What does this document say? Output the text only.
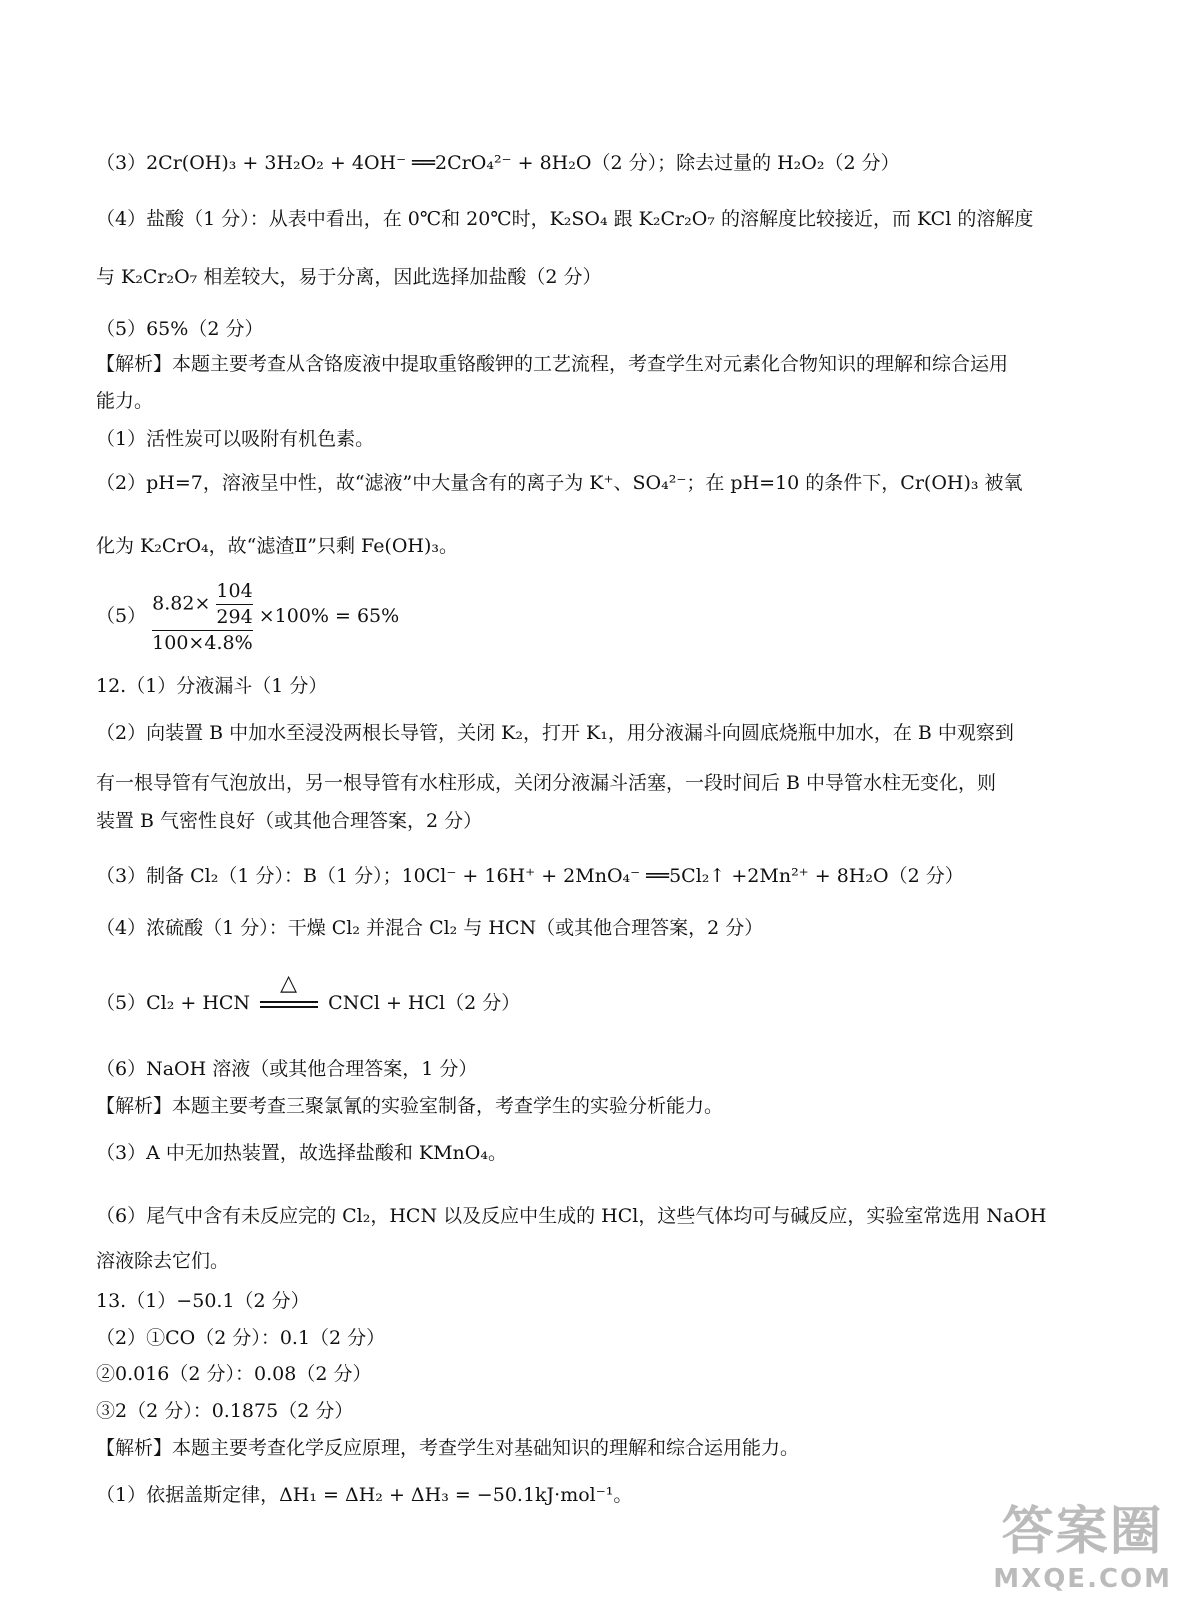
（3）2Cr(OH)₃ + 3H₂O₂ + 4OH⁻ ══2CrO₄²⁻ + 8H₂O（2 分）；除去过量的 H₂O₂（2 分）
（4）盐酸（1 分）：从表中看出，在 0℃和 20℃时，K₂SO₄ 跟 K₂Cr₂O₇ 的溶解度比较接近，而 KCl 的溶解度
与 K₂Cr₂O₇ 相差较大，易于分离，因此选择加盐酸（2 分）
（5）65%（2 分）
【解析】本题主要考查从含铬废液中提取重铬酸钾的工艺流程，考查学生对元素化合物知识的理解和综合运用
能力。
（1）活性炭可以吸附有机色素。
（2）pH=7，溶液呈中性，故“滤液”中大量含有的离子为 K⁺、SO₄²⁻；在 pH=10 的条件下，Cr(OH)₃ 被氧
化为 K₂CrO₄，故“滤渣Ⅱ”只剩 Fe(OH)₃。
$(5) \frac{8.82\times \frac{104}{294}}{100\times 4.8\%} \times 100\% = 65\%$
12.（1）分液漏斗（1 分）
（2）向装置 B 中加水至浸没两根长导管，关闭 K₂，打开 K₁，用分液漏斗向圆底烧瓶中加水，在 B 中观察到
有一根导管有气泡放出，另一根导管有水柱形成，关闭分液漏斗活塞，一段时间后 B 中导管水柱无变化，则
装置 B 气密性良好（或其他合理答案，2 分）
（3）制备 Cl₂（1 分）：B（1 分）；10Cl⁻ + 16H⁺ + 2MnO₄⁻ ══5Cl₂↑ +2Mn²⁺ + 8H₂O（2 分）
（4）浓硫酸（1 分）：干燥 Cl₂ 并混合 Cl₂ 与 HCN（或其他合理答案，2 分）
（5）Cl₂ + HCN
△
CNCl + HCl（2 分）
（6）NaOH 溶液（或其他合理答案，1 分）
【解析】本题主要考查三聚氯氰的实验室制备，考查学生的实验分析能力。
（3）A 中无加热装置，故选择盐酸和 KMnO₄。
（6）尾气中含有未反应完的 Cl₂，HCN 以及反应中生成的 HCl，这些气体均可与碱反应，实验室常选用 NaOH
溶液除去它们。
13.（1）−50.1（2 分）
（2）①CO（2 分）：0.1（2 分）
②0.016（2 分）：0.08（2 分）
③2（2 分）：0.1875（2 分）
【解析】本题主要考查化学反应原理，考查学生对基础知识的理解和综合运用能力。
（1）依据盖斯定律，ΔH₁ = ΔH₂ + ΔH₃ = −50.1kJ·mol⁻¹。
答案圈
MXQE.COM
